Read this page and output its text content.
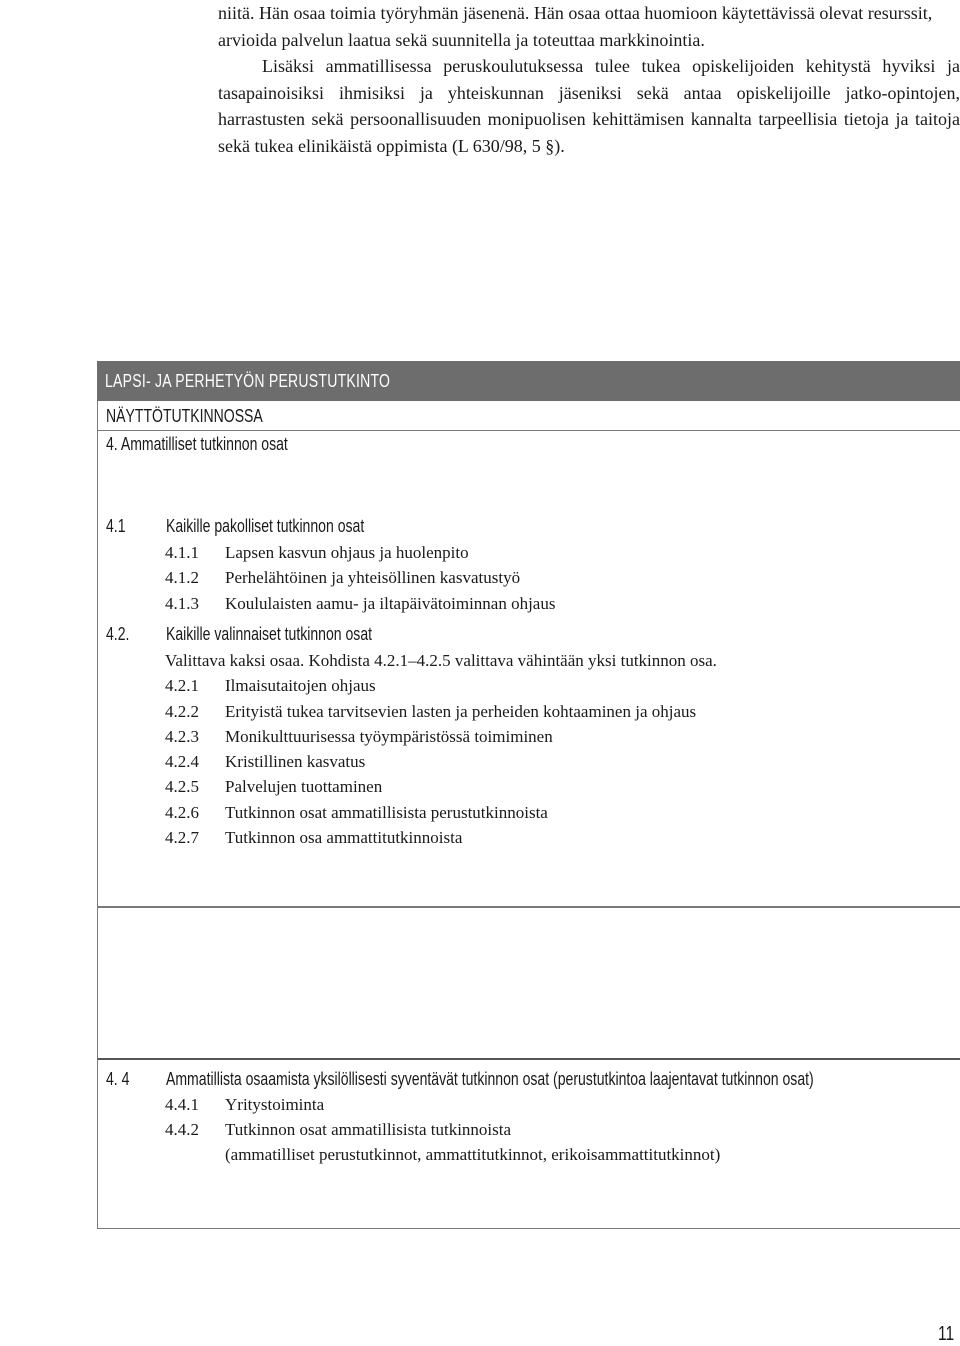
niitä. Hän osaa toimia työryhmän jäsenenä. Hän osaa ottaa huomioon käytettävissä olevat resurssit, arvioida palvelun laatua sekä suunnitella ja toteuttaa markkinointia.

Lisäksi ammatillisessa peruskoulutuksessa tulee tukea opiskelijoiden kehitystä hyviksi ja tasapainoisiksi ihmisiksi ja yhteiskunnan jäseniksi sekä antaa opiskelijoille jatko-opintojen, harrastusten sekä persoonallisuuden monipuolisen kehittämisen kannalta tarpeellisia tietoja ja taitoja sekä tukea elinikäistä oppimista (L 630/98, 5 §).

LAPSI- JA PERHETYÖN PERUSTUTKINTO
NÄYTTÖTUTKINNOSSA
4. Ammatilliset tutkinnon osat
4.1	Kaikille pakolliset tutkinnon osat
4.1.1 Lapsen kasvun ohjaus ja huolenpito
4.1.2 Perhelähtöinen ja yhteisöllinen kasvatustyö
4.1.3 Koululaisten aamu- ja iltapäivätoiminnan ohjaus
4.2.	Kaikille valinnaiset tutkinnon osat
Valittava kaksi osaa. Kohdista 4.2.1–4.2.5 valittava vähintään yksi tutkinnon osa.
4.2.1 Ilmaisutaitojen ohjaus
4.2.2 Erityistä tukea tarvitsevien lasten ja perheiden kohtaaminen ja ohjaus
4.2.3 Monikulttuurisessa työympäristössä toimiminen
4.2.4 Kristillinen kasvatus
4.2.5 Palvelujen tuottaminen
4.2.6 Tutkinnon osat ammatillisista perustutkinnoista
4.2.7 Tutkinnon osa ammattitutkinnoista
4. 4	Ammatillista osaamista yksilöllisesti syventävät tutkinnon osat (perustutkintoa laajentavat tutkinnon osat)
4.4.1 Yritystoiminta
4.4.2 Tutkinnon osat ammatillisista tutkinnoista
(ammatilliset perustutkinnot, ammattitutkinnot, erikoisammattitutkinnot)
11
